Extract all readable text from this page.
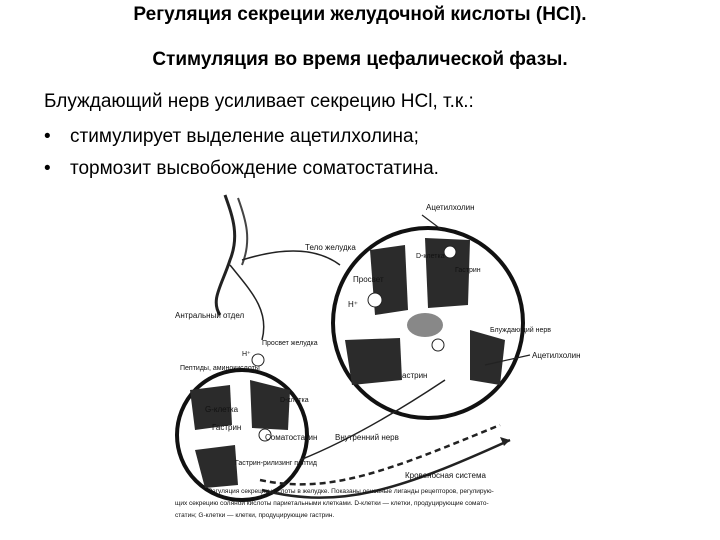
Регуляция секреции желудочной кислоты (HCl).
Стимуляция во время цефалической фазы.
Блуждающий нерв усиливает секрецию HCl, т.к.:
• стимулирует выделение ацетилхолина;
• тормозит высвобождение соматостатина.
Ацетилхолин
Тело желудка
D-клетка
Гастрин
Просвет
H⁺
Блуждающий нерв
Ацетилхолин
астрин
Антральный отдел
Просвет желудка
Пептиды, аминокислоты
H⁺
G-клетка
D-клетка
Гастрин
Соматостатин Внутренний нерв
Гастрин-рилизинг пептид
Кровеносная система
Регуляция секреции кислоты в желудке. Показаны основные лиганды рецепторов, регулирую-
щих секрецию соляной кислоты париетальными клетками. D-клетки — клетки, продуцирующие сомато-
статин; G-клетки — клетки, продуцирующие гастрин.
